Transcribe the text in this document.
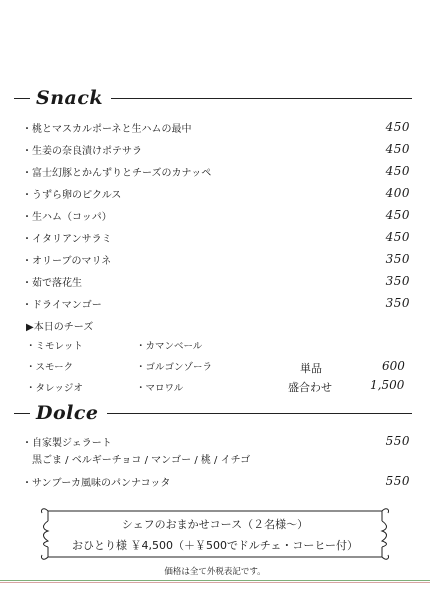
Snack
・桃とマスカルポーネと生ハムの最中	450
・生姜の奈良漬けポテサラ	450
・富士幻豚とかんずりとチーズのカナッペ	450
・うずら卵のピクルス	400
・生ハム（コッパ）	450
・イタリアンサラミ	450
・オリーブのマリネ	350
・茹で落花生	350
・ドライマンゴー	350
▶本日のチーズ
・ミモレット	・カマンベール
・スモーク	・ゴルゴンゾーラ
・タレッジオ	・マロワル
単品	600
盛合わせ	1,500
Dolce
・自家製ジェラート	550
黒ごま / ベルギーチョコ / マンゴー / 桃 / イチゴ
・サンブーカ風味のパンナコッタ	550
シェフのおまかせコース（２名様～）
おひとり様 ￥4,500（＋￥500でドルチェ・コーヒー付）
価格は全て外税表記です。
